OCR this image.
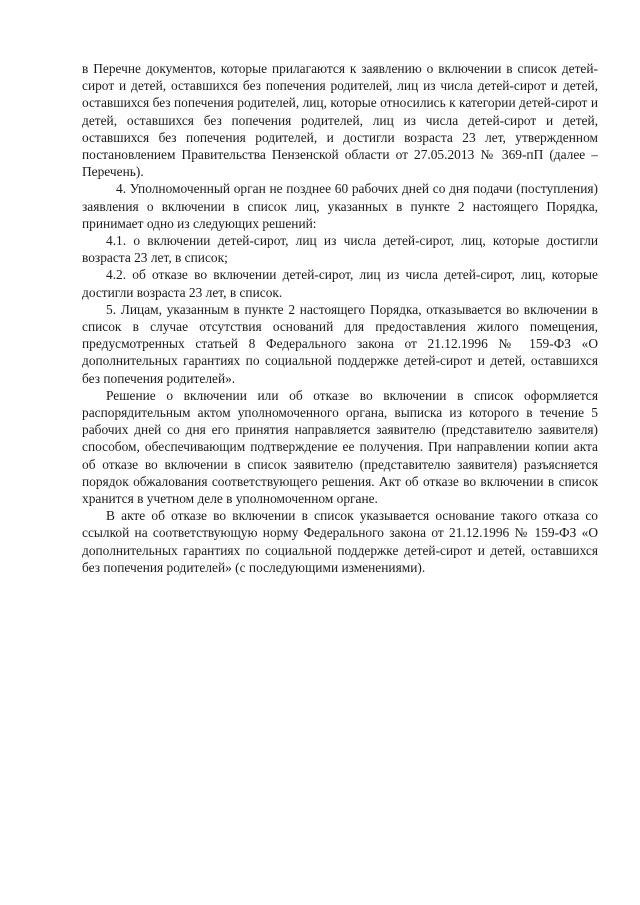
в Перечне документов, которые прилагаются к заявлению о включении в список детей-сирот и детей, оставшихся без попечения родителей, лиц из числа детей-сирот и детей, оставшихся без попечения родителей, лиц, которые относились к категории детей-сирот и детей, оставшихся без попечения родителей, лиц из числа детей-сирот и детей, оставшихся без попечения родителей, и достигли возраста 23 лет, утвержденном постановлением Правительства Пензенской области от 27.05.2013 № 369-пП (далее – Перечень).

4. Уполномоченный орган не позднее 60 рабочих дней со дня подачи (поступления) заявления о включении в список лиц, указанных в пункте 2 настоящего Порядка, принимает одно из следующих решений:

4.1. о включении детей-сирот, лиц из числа детей-сирот, лиц, которые достигли возраста 23 лет, в список;

4.2. об отказе во включении детей-сирот, лиц из числа детей-сирот, лиц, которые достигли возраста 23 лет, в список.

5. Лицам, указанным в пункте 2 настоящего Порядка, отказывается во включении в список в случае отсутствия оснований для предоставления жилого помещения, предусмотренных статьей 8 Федерального закона от 21.12.1996 № 159-ФЗ «О дополнительных гарантиях по социальной поддержке детей-сирот и детей, оставшихся без попечения родителей».

Решение о включении или об отказе во включении в список оформляется распорядительным актом уполномоченного органа, выписка из которого в течение 5 рабочих дней со дня его принятия направляется заявителю (представителю заявителя) способом, обеспечивающим подтверждение ее получения. При направлении копии акта об отказе во включении в список заявителю (представителю заявителя) разъясняется порядок обжалования соответствующего решения. Акт об отказе во включении в список хранится в учетном деле в уполномоченном органе.

В акте об отказе во включении в список указывается основание такого отказа со ссылкой на соответствующую норму Федерального закона от 21.12.1996 № 159-ФЗ «О дополнительных гарантиях по социальной поддержке детей-сирот и детей, оставшихся без попечения родителей» (с последующими изменениями).
